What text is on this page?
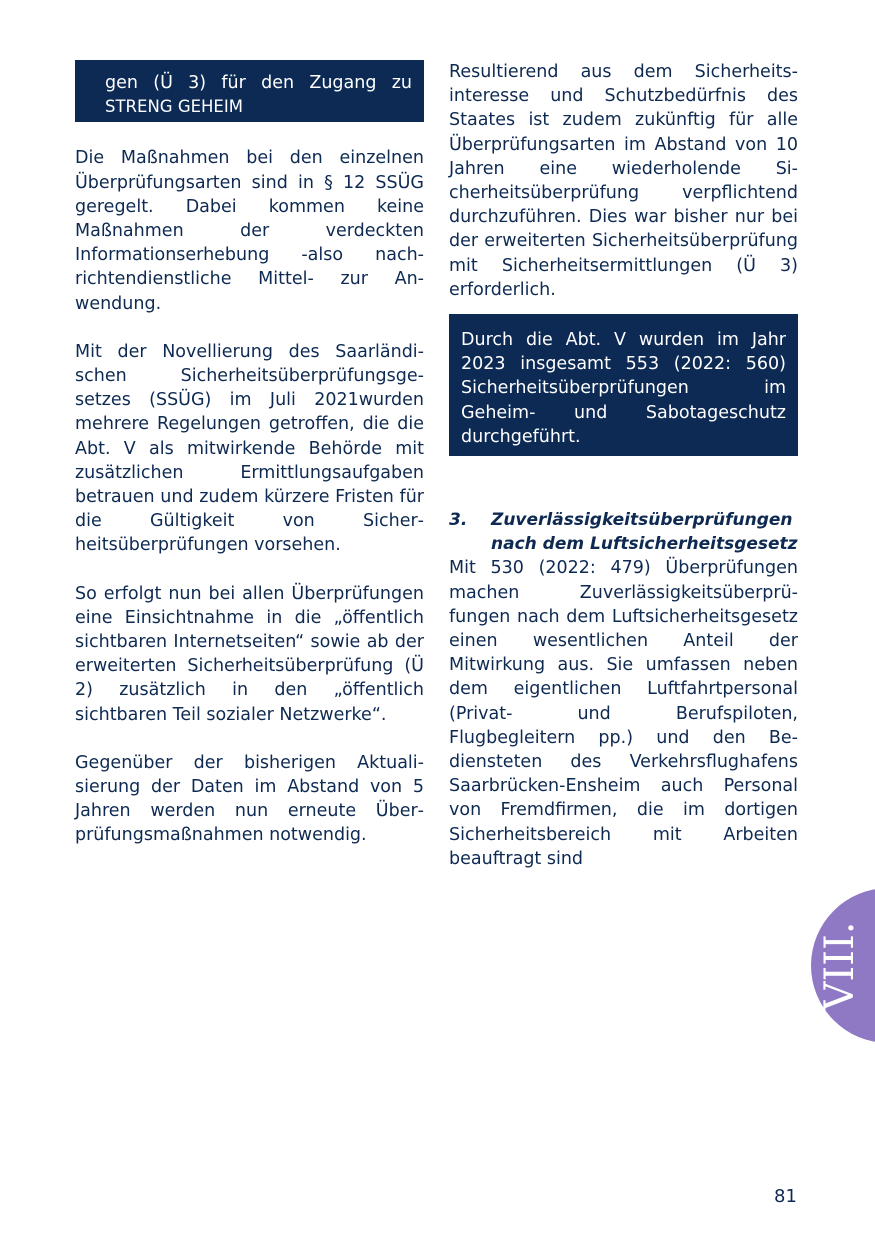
gen (Ü 3) für den Zugang zu
STRENG GEHEIM

Die Maßnahmen bei den einzelnen Überprüfungsarten sind in § 12 SSÜG geregelt. Dabei kommen keine Maßnahmen der verdeckten Informationserhebung -also nachrichtendienstliche Mittel- zur Anwendung.

Mit der Novellierung des Saarländischen Sicherheitsüberprüfungsgesetzes (SSÜG) im Juli 2021wurden mehrere Regelungen getroffen, die die Abt. V als mitwirkende Behörde mit zusätzlichen Ermittlungsaufgaben betrauen und zudem kürzere Fristen für die Gültigkeit von Sicherheitsüberprüfungen vorsehen.

So erfolgt nun bei allen Überprüfungen eine Einsichtnahme in die „öffentlich sichtbaren Internetseiten“ sowie ab der erweiterten Sicherheitsüberprüfung (Ü 2) zusätzlich in den „öffentlich sichtbaren Teil sozialer Netzwerke“.

Gegenüber der bisherigen Aktualisierung der Daten im Abstand von 5 Jahren werden nun erneute Überprüfungsmaßnahmen notwendig.

Resultierend aus dem Sicherheitsinteresse und Schutzbedürfnis des Staates ist zudem zukünftig für alle Überprüfungsarten im Abstand von 10 Jahren eine wiederholende Sicherheitsüberprüfung verpflichtend durchzuführen. Dies war bisher nur bei der erweiterten Sicherheitsüberprüfung mit Sicherheitsermittlungen (Ü 3) erforderlich.

Durch die Abt. V wurden im Jahr 2023 insgesamt 553 (2022: 560) Sicherheitsüberprüfungen im Geheim- und Sabotageschutz durchgeführt.
3. Zuverlässigkeitsüberprüfungen
nach dem Luftsicherheitsgesetz

Mit 530 (2022: 479) Überprüfungen machen Zuverlässigkeitsüberprüfungen nach dem Luftsicherheitsgesetz einen wesentlichen Anteil der Mitwirkung aus. Sie umfassen neben dem eigentlichen Luftfahrtpersonal (Privat- und Berufspiloten, Flugbegleitern pp.) und den Bediensteten des Verkehrsflughafens Saarbrücken-Ensheim auch Personal von Fremdfirmen, die im dortigen Sicherheitsbereich mit Arbeiten beauftragt sind

VIII.
81
